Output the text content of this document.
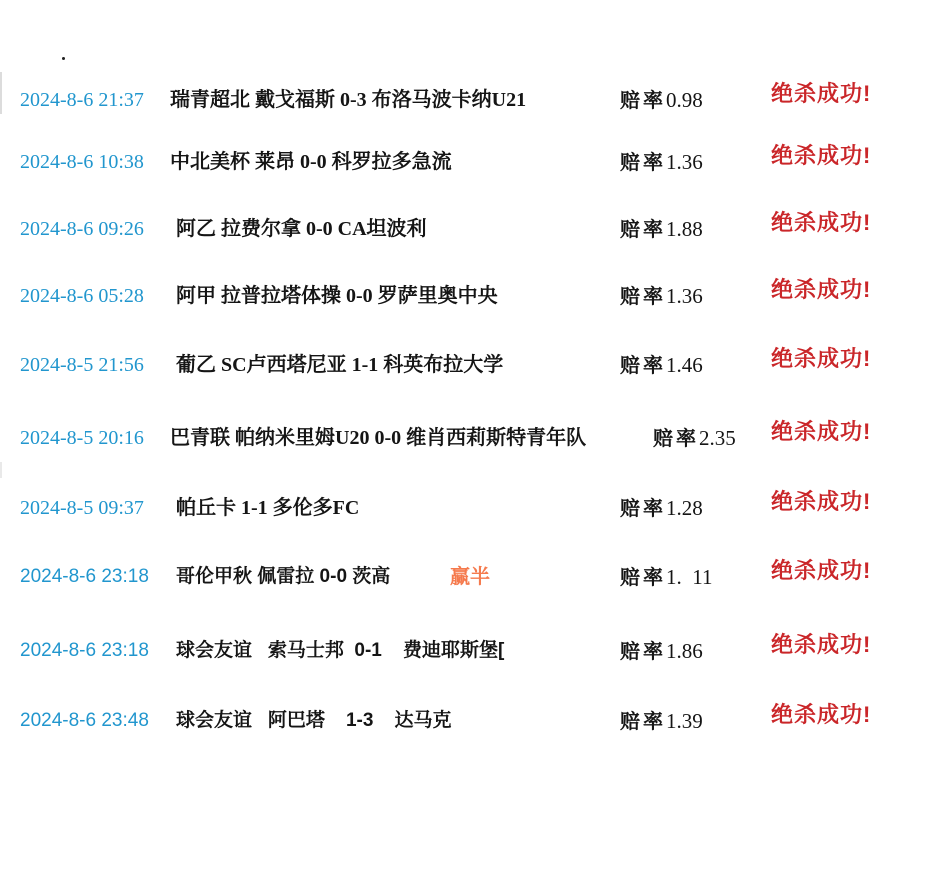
2024-8-6 21:37 瑞青超北 戴戈福斯 0-3 布洛马波卡纳U21	赔率0.98	绝杀成功!
2024-8-6 10:38 中北美杯 莱昂 0-0 科罗拉多急流	赔率1.36	绝杀成功!
2024-8-6 09:26 阿乙 拉费尔拿 0-0 CA坦波利	赔率1.88	绝杀成功!
2024-8-6 05:28 阿甲 拉普拉塔体操 0-0 罗萨里奥中央	赔率1.36	绝杀成功!
2024-8-5 21:56 葡乙 SC卢西塔尼亚 1-1 科英布拉大学	赔率1.46	绝杀成功!
2024-8-5 20:16 巴青联 帕纳米里姆U20 0-0 维肖西莉斯特青年队	赔率2.35 绝杀成功!
2024-8-5 09:37 帕丘卡 1-1 多伦多FC	赔率1.28	绝杀成功!
2024-8-6 23:18 哥伦甲秋 佩雷拉 0-0 茨高	赢半	赔率1.  11	绝杀成功!
2024-8-6 23:18 球会友谊   索马士邦  0-1    费迪耶斯堡[	赔率1.86	绝杀成功!
2024-8-6 23:48 球会友谊   阿巴塔    1-3    达马克	赔率1.39	绝杀成功!
